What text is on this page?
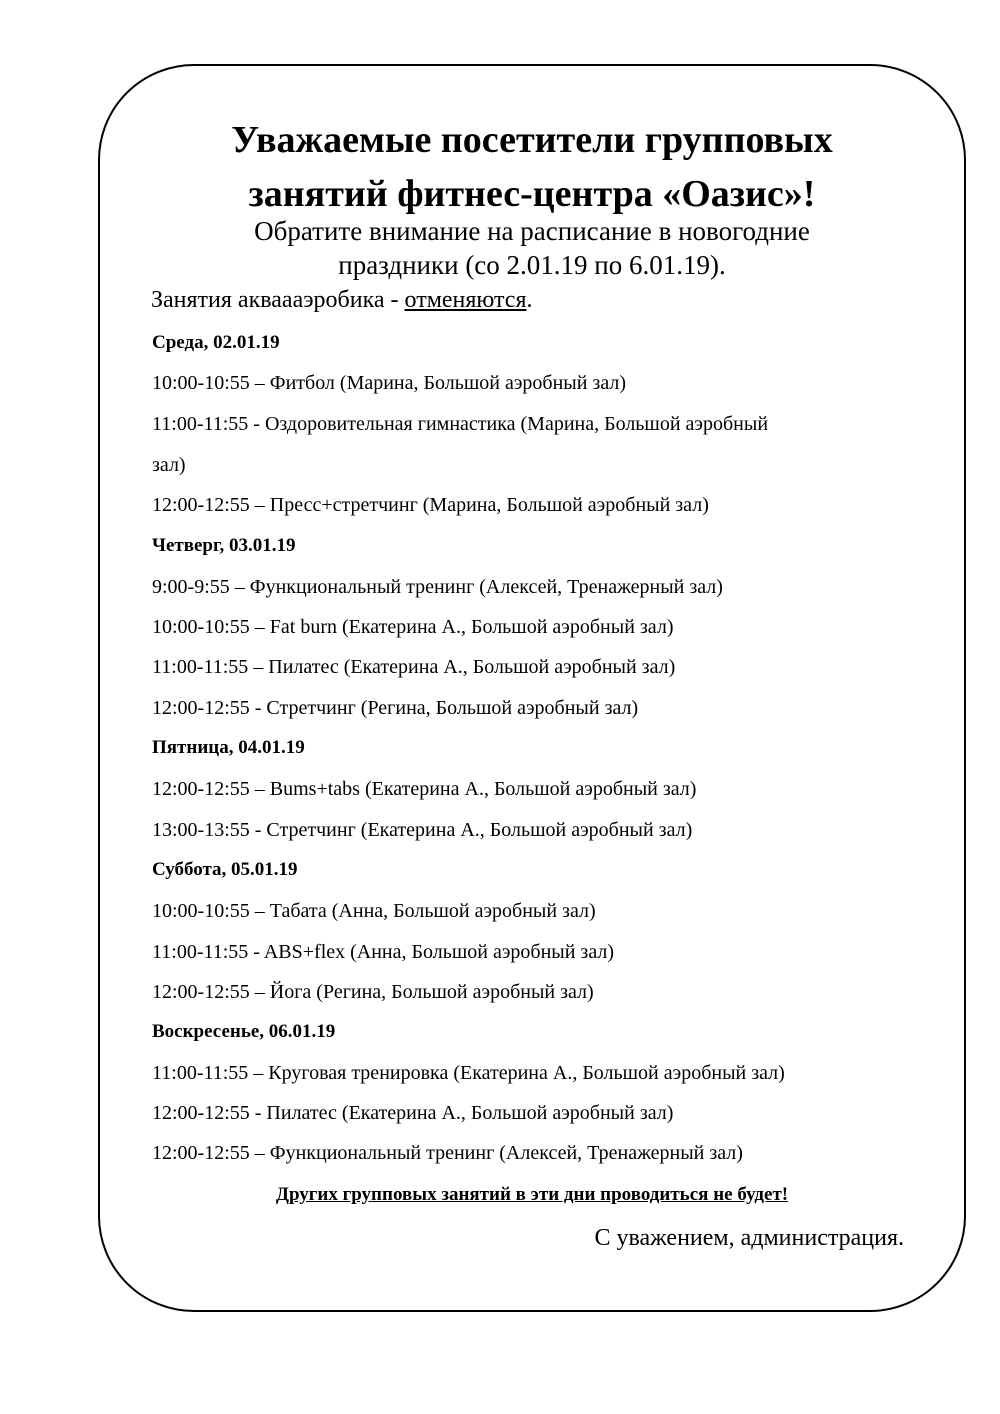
Уважаемые посетители групповых
занятий фитнес-центра «Оазис»!
Обратите внимание на расписание в новогодние
праздники (со 2.01.19 по 6.01.19).
Занятия акваааэробика - отменяются.
Среда, 02.01.19
10:00-10:55 – Фитбол (Марина, Большой аэробный зал)
11:00-11:55 - Оздоровительная гимнастика (Марина, Большой аэробный
зал)
12:00-12:55 – Пресс+стретчинг (Марина, Большой аэробный зал)
Четверг, 03.01.19
9:00-9:55 – Функциональный тренинг (Алексей, Тренажерный зал)
10:00-10:55 – Fat burn (Екатерина А., Большой аэробный зал)
11:00-11:55 – Пилатес (Екатерина А., Большой аэробный зал)
12:00-12:55 - Стретчинг (Регина, Большой аэробный зал)
Пятница, 04.01.19
12:00-12:55 – Bums+tabs (Екатерина А., Большой аэробный зал)
13:00-13:55 - Стретчинг (Екатерина А., Большой аэробный зал)
Суббота, 05.01.19
10:00-10:55 – Табата (Анна, Большой аэробный зал)
11:00-11:55 - ABS+flex (Анна, Большой аэробный зал)
12:00-12:55 – Йога (Регина, Большой аэробный зал)
Воскресенье, 06.01.19
11:00-11:55 – Круговая тренировка (Екатерина А., Большой аэробный зал)
12:00-12:55 - Пилатес (Екатерина А., Большой аэробный зал)
12:00-12:55 – Функциональный тренинг (Алексей, Тренажерный зал)
Других групповых занятий в эти дни проводиться не будет!
С уважением, администрация.
